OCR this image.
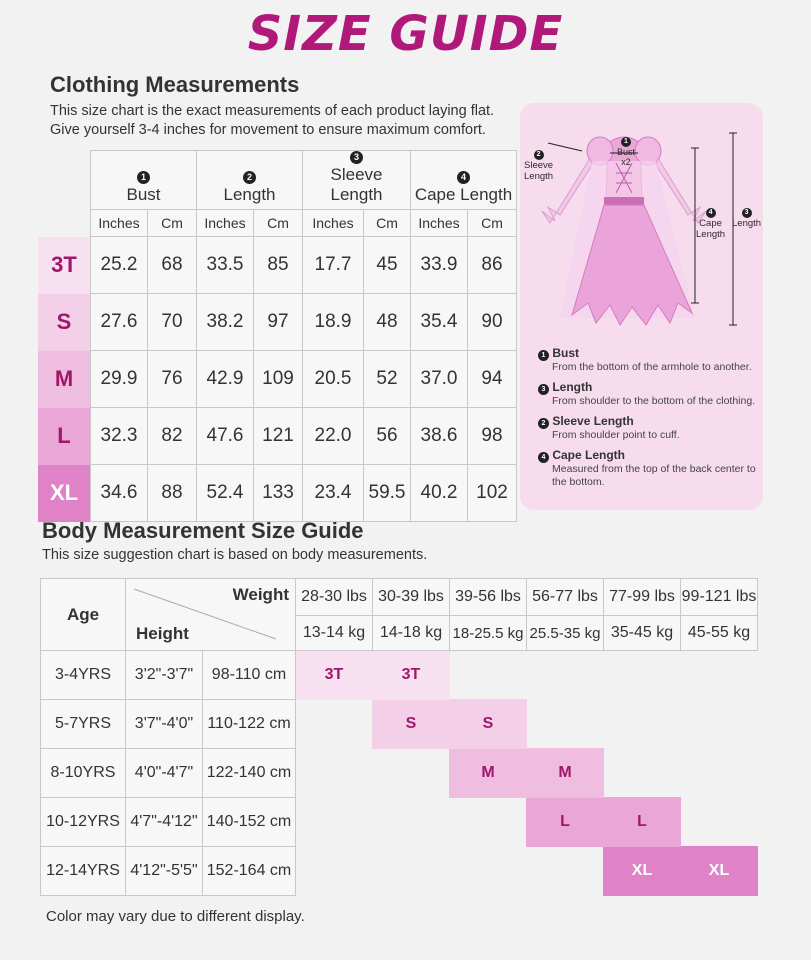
SIZE GUIDE
Clothing Measurements
This size chart is the exact measurements of each product laying flat.
Give yourself 3-4 inches for movement to ensure maximum comfort.

	1
Bust		2
Length		3
Sleeve Length		4
Cape Length	
	Inches	Cm	Inches	Cm	Inches	Cm	Inches	Cm
3T	25.2	68	33.5	85	17.7	45	33.9	86
S	27.6	70	38.2	97	18.9	48	35.4	90
M	29.9	76	42.9	109	20.5	52	37.0	94
L	32.3	82	47.6	121	22.0	56	38.6	98
XL	34.6	88	52.4	133	23.4	59.5	40.2	102

1
Bust
x2

2
Sleeve
Length

4
Cape
Length

3
Length
1 Bust
From the bottom of the armhole to another.
3 Length
From shoulder to the bottom of the clothing.
2 Sleeve Length
From shoulder point to cuff.
4 Cape Length
Measured from the top of the back center to the bottom.
Body Measurement Size Guide
This size suggestion chart is based on body measurements.
Age	Weight
Height		28-30 lbs	30-39 lbs	39-56 lbs	56-77 lbs	77-99 lbs	99-121 lbs
			13-14 kg	14-18 kg	18-25.5 kg	25.5-35 kg	35-45 kg	45-55 kg
3-4YRS	3'2"-3'7"	98-110 cm	3T	3T				
5-7YRS	3'7"-4'0"	110-122 cm		S	S			
8-10YRS	4'0"-4'7"	122-140 cm			M	M		
10-12YRS	4'7"-4'12"	140-152 cm				L	L	
12-14YRS	4'12"-5'5"	152-164 cm					XL	XL
Color may vary due to different display.
